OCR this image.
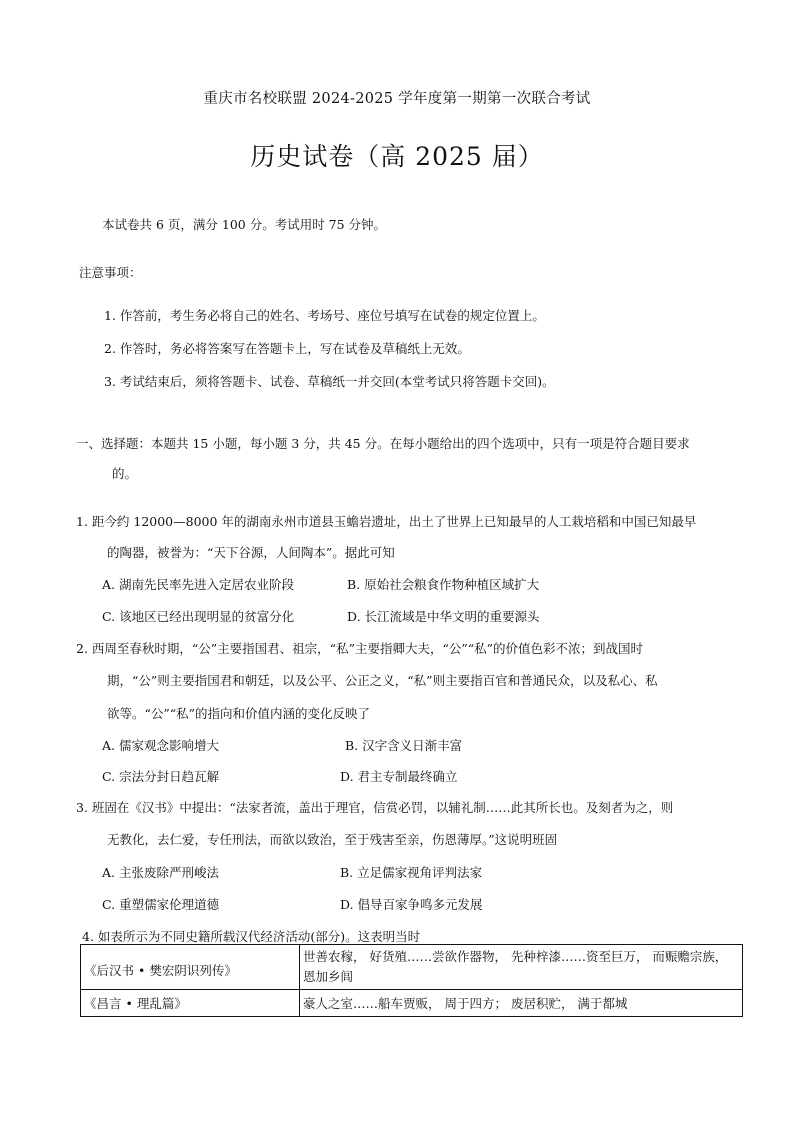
重庆市名校联盟 2024-2025 学年度第一期第一次联合考试
历史试卷（高 2025 届）
本试卷共 6 页，满分 100 分。考试用时 75 分钟。
注意事项：
1. 作答前，考生务必将自己的姓名、考场号、座位号填写在试卷的规定位置上。
2. 作答时，务必将答案写在答题卡上，写在试卷及草稿纸上无效。
3. 考试结束后，须将答题卡、试卷、草稿纸一并交回(本堂考试只将答题卡交回)。
一、选择题：本题共 15 小题，每小题 3 分，共 45 分。在每小题给出的四个选项中，只有一项是符合题目要求
的。
1. 距今约 12000—8000 年的湖南永州市道县玉蟾岩遗址，出土了世界上已知最早的人工栽培稻和中国已知最早
的陶器，被誉为：“天下谷源，人间陶本”。据此可知
A. 湖南先民率先进入定居农业阶段	B. 原始社会粮食作物种植区域扩大
C. 该地区已经出现明显的贫富分化	D. 长江流域是中华文明的重要源头
2. 西周至春秋时期，“公”主要指国君、祖宗，“私”主要指卿大夫，“公”“私”的价值色彩不浓；到战国时
期，“公”则主要指国君和朝廷，以及公平、公正之义，“私”则主要指百官和普通民众，以及私心、私
欲等。“公”“私”的指向和价值内涵的变化反映了
A. 儒家观念影响增大	B. 汉字含义日渐丰富
C. 宗法分封日趋瓦解	D. 君主专制最终确立
3. 班固在《汉书》中提出：“法家者流，盖出于理官，信赏必罚，以辅礼制……此其所长也。及刻者为之，则
无教化，去仁爱，专任刑法，而欲以致治，至于残害至亲，伤恩薄厚。”这说明班固
A. 主张废除严刑峻法	B. 立足儒家视角评判法家
C. 重塑儒家伦理道德	D. 倡导百家争鸣多元发展
4. 如表所示为不同史籍所载汉代经济活动(部分)。这表明当时
《后汉书 • 樊宏阴识列传》	世善农稼， 好货殖……尝欲作器物， 先种梓漆……资至巨万， 而赈赡宗族， 恩加乡闾
《昌言 • 理乱篇》	豪人之室……船车贾贩， 周于四方； 废居积贮， 满于都城
